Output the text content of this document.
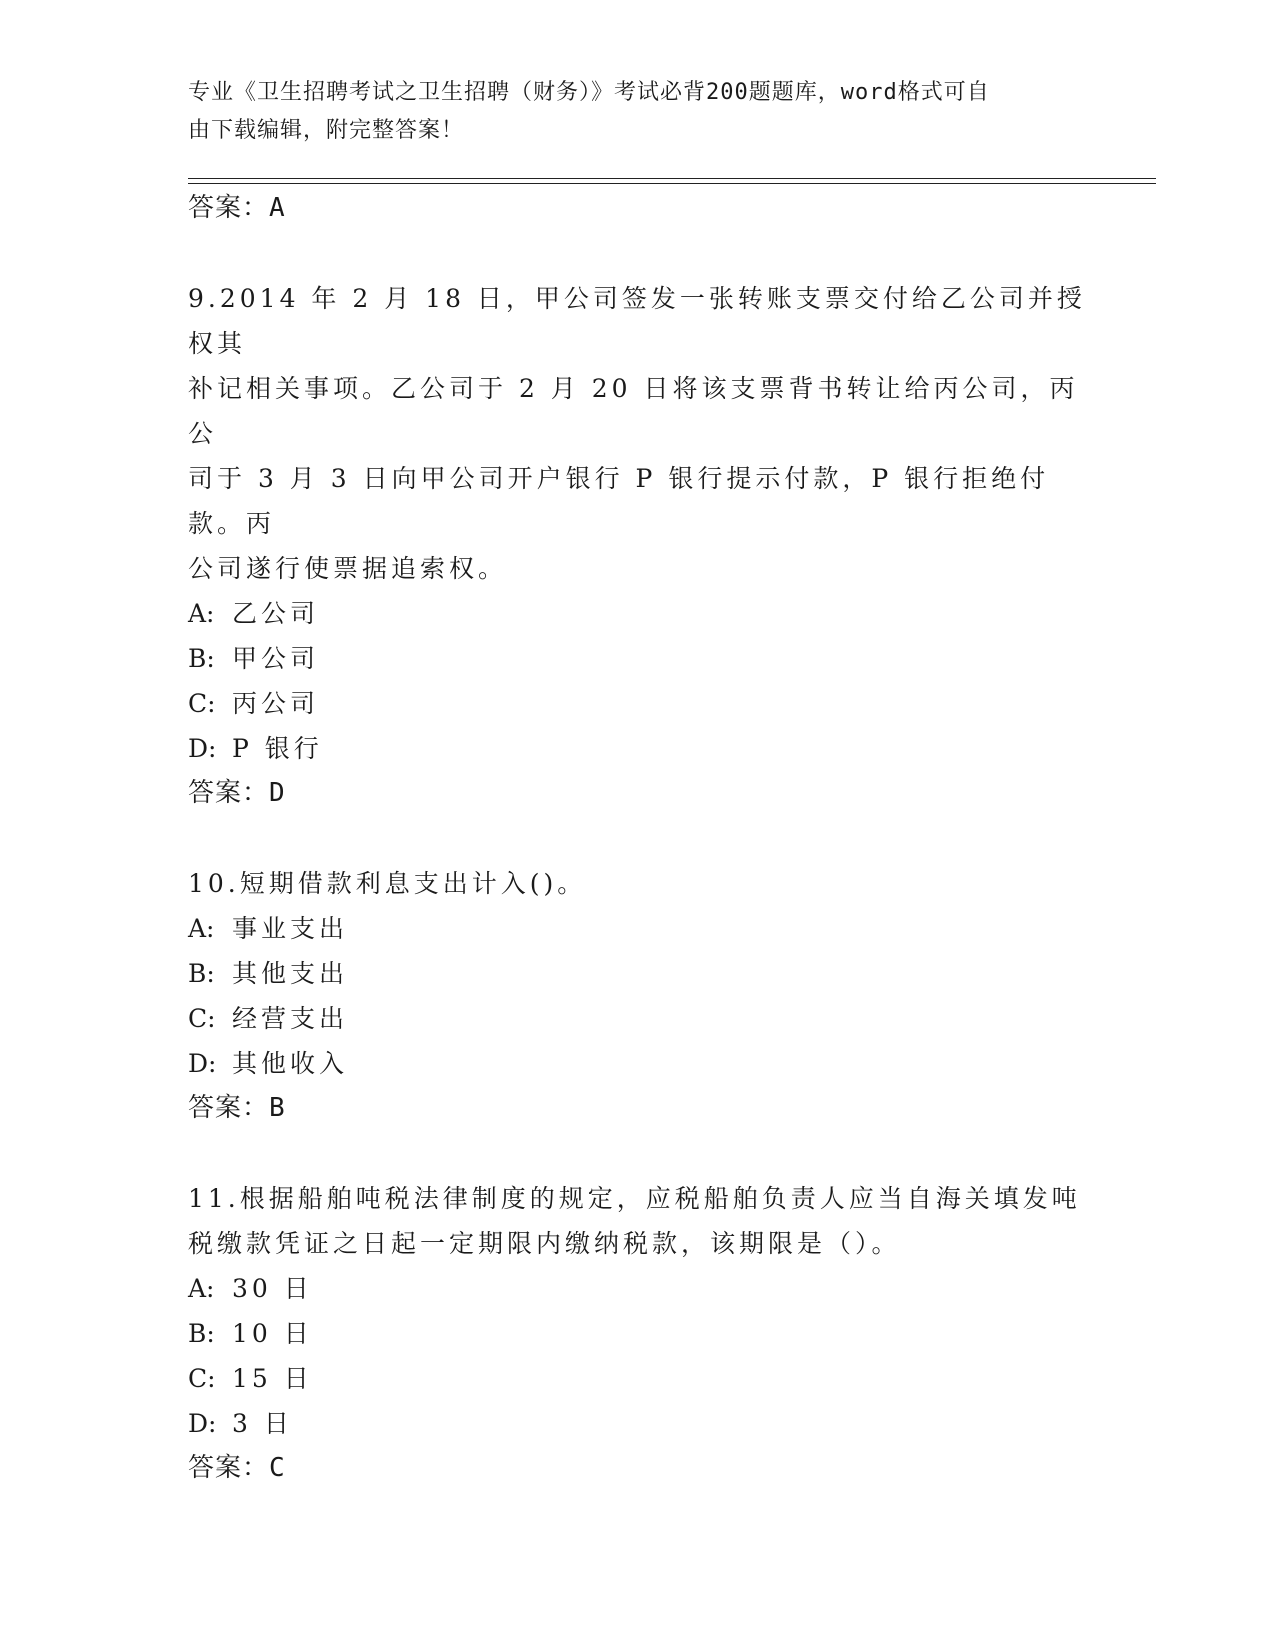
专业《卫生招聘考试之卫生招聘（财务）》考试必背200题题库，word格式可自
由下载编辑，附完整答案！
答案：A
9.2014 年 2 月 18 日，甲公司签发一张转账支票交付给乙公司并授权其
补记相关事项。乙公司于 2 月 20 日将该支票背书转让给丙公司，丙公
司于 3 月 3 日向甲公司开户银行 P 银行提示付款，P 银行拒绝付款。丙
公司遂行使票据追索权。
A: 乙公司
B: 甲公司
C: 丙公司
D: P 银行
答案：D
10.短期借款利息支出计入()。
A: 事业支出
B: 其他支出
C: 经营支出
D: 其他收入
答案：B
11.根据船舶吨税法律制度的规定，应税船舶负责人应当自海关填发吨
税缴款凭证之日起一定期限内缴纳税款，该期限是（）。
A: 30 日
B: 10 日
C: 15 日
D: 3 日
答案：C
